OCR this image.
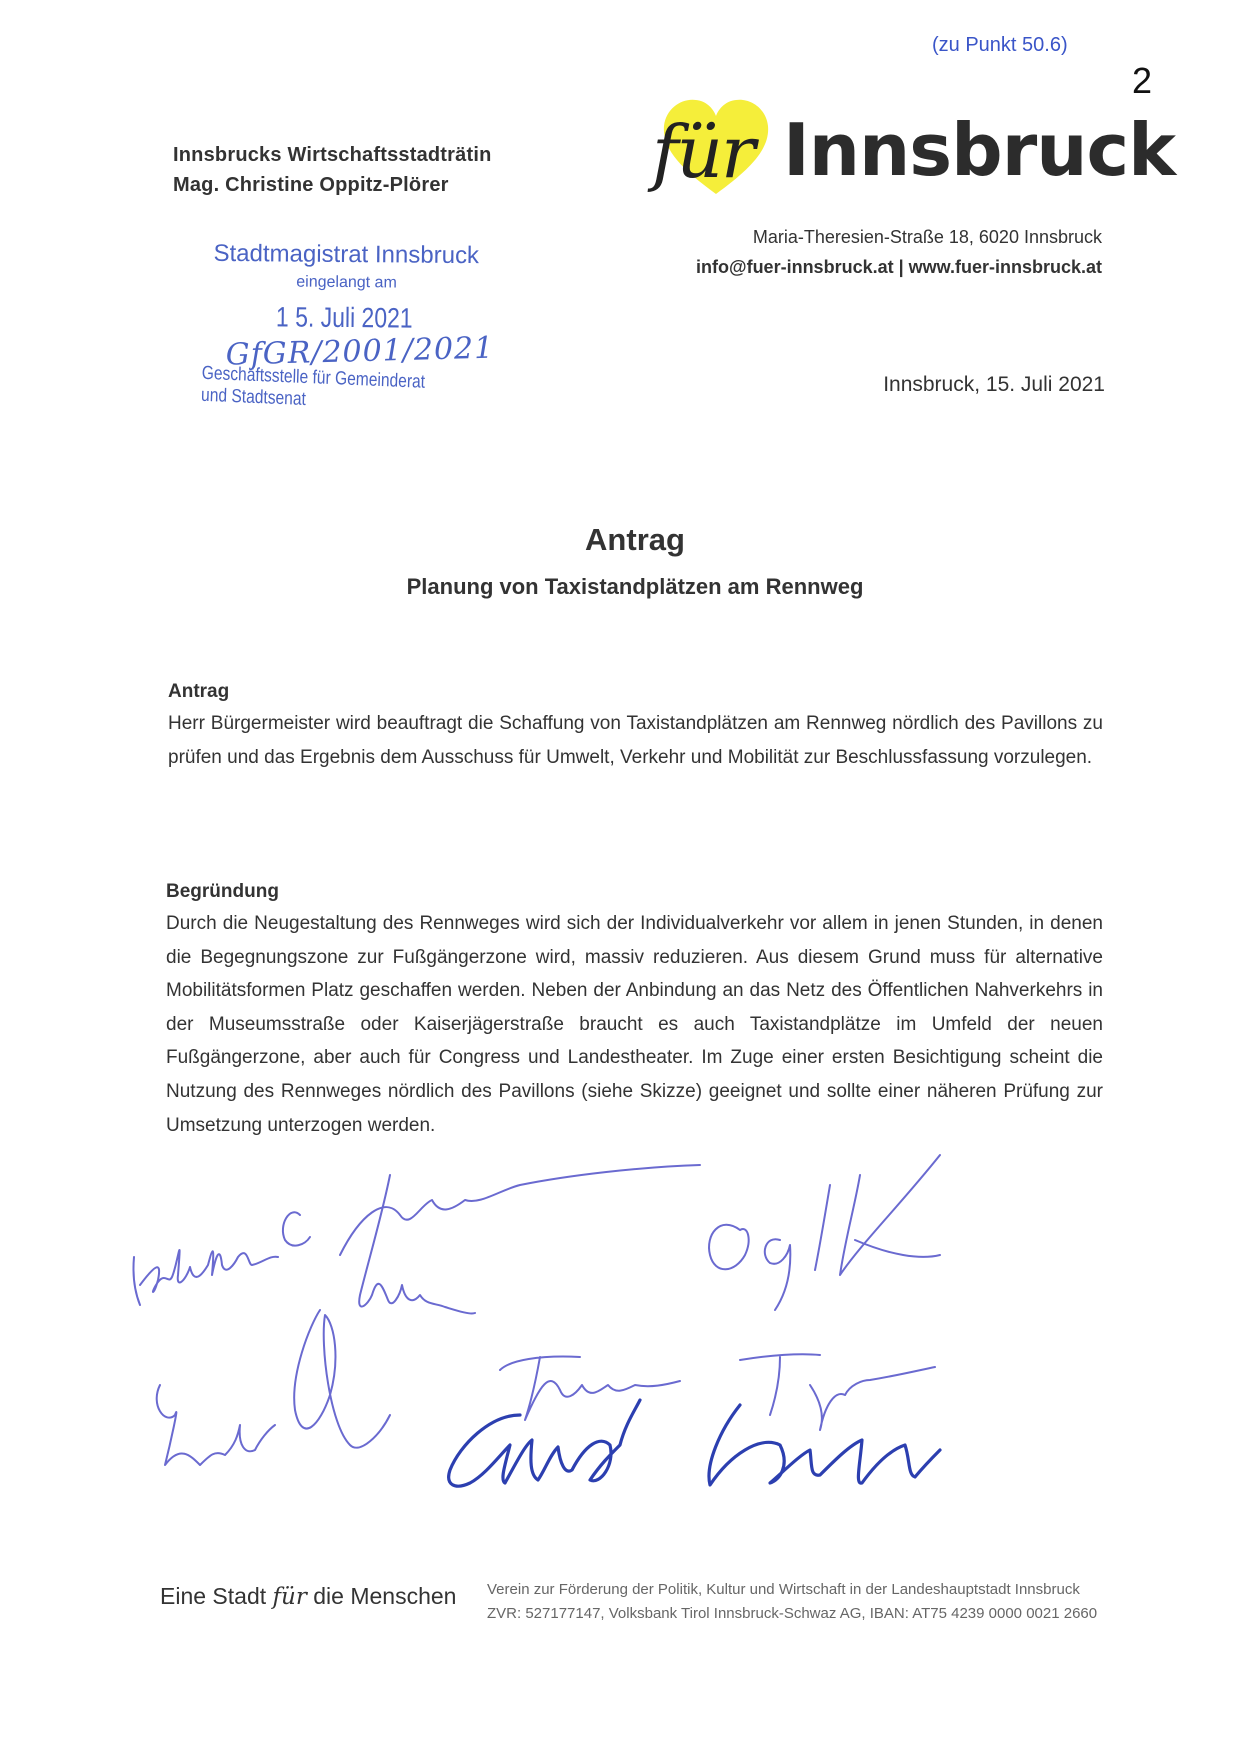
(zu Punkt 50.6)
2
Innsbrucks Wirtschaftsstadträtin
Mag. Christine Oppitz-Plörer	für Innsbruck
Maria-Theresien-Straße 18, 6020 Innsbruck
info@fuer-innsbruck.at | www.fuer-innsbruck.at
Stadtmagistrat Innsbruck
eingelangt am
1 5. Juli 2021
GfGR/2001/2021
Geschäftsstelle für Gemeinderat und Stadtsenat
Innsbruck, 15. Juli 2021
Antrag
Planung von Taxistandplätzen am Rennweg
Antrag
Herr Bürgermeister wird beauftragt die Schaffung von Taxistandplätzen am Rennweg nördlich des Pavillons zu prüfen und das Ergebnis dem Ausschuss für Umwelt, Verkehr und Mobilität zur Beschlussfassung vorzulegen.
Begründung
Durch die Neugestaltung des Rennweges wird sich der Individualverkehr vor allem in jenen Stunden, in denen die Begegnungszone zur Fußgängerzone wird, massiv reduzieren. Aus diesem Grund muss für alternative Mobilitätsformen Platz geschaffen werden. Neben der Anbindung an das Netz des Öffentlichen Nahverkehrs in der Museumsstraße oder Kaiserjägerstraße braucht es auch Taxistandplätze im Umfeld der neuen Fußgängerzone, aber auch für Congress und Landestheater. Im Zuge einer ersten Besichtigung scheint die Nutzung des Rennweges nördlich des Pavillons (siehe Skizze) geeignet und sollte einer näheren Prüfung zur Umsetzung unterzogen werden.
Eine Stadt für die Menschen Verein zur Förderung der Politik, Kultur und Wirtschaft in der Landeshauptstadt Innsbruck
ZVR: 527177147, Volksbank Tirol Innsbruck-Schwaz AG, IBAN: AT75 4239 0000 0021 2660
